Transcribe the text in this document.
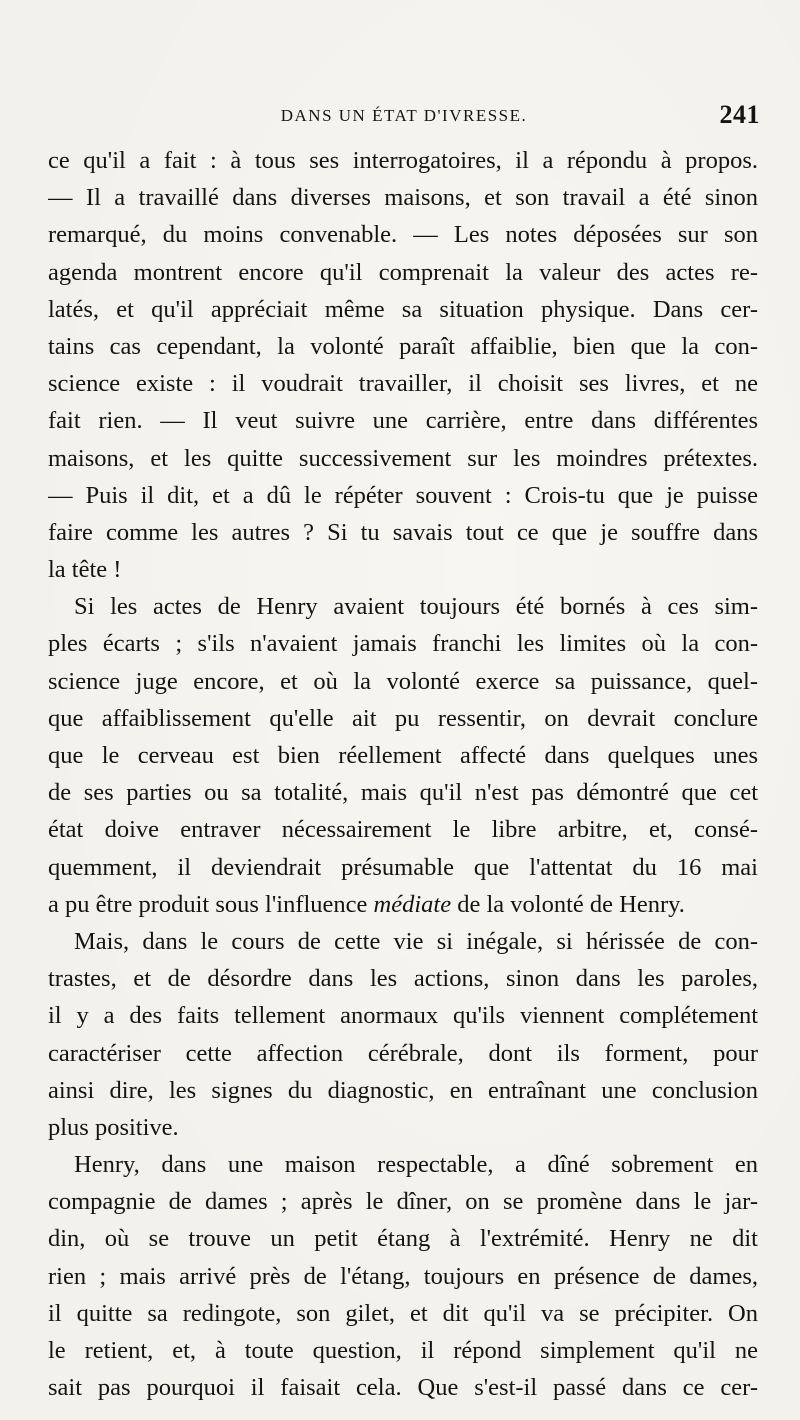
DANS UN ÉTAT D'IVRESSE.	241
ce qu'il a fait : à tous ses interrogatoires, il a répondu à propos.
— Il a travaillé dans diverses maisons, et son travail a été sinon
remarqué, du moins convenable. — Les notes déposées sur son
agenda montrent encore qu'il comprenait la valeur des actes re-
latés, et qu'il appréciait même sa situation physique. Dans cer-
tains cas cependant, la volonté paraît affaiblie, bien que la con-
science existe : il voudrait travailler, il choisit ses livres, et ne
fait rien. — Il veut suivre une carrière, entre dans différentes
maisons, et les quitte successivement sur les moindres prétextes.
— Puis il dit, et a dû le répéter souvent : Crois-tu que je puisse
faire comme les autres ? Si tu savais tout ce que je souffre dans
la tête !
Si les actes de Henry avaient toujours été bornés à ces sim-
ples écarts ; s'ils n'avaient jamais franchi les limites où la con-
science juge encore, et où la volonté exerce sa puissance, quel-
que affaiblissement qu'elle ait pu ressentir, on devrait conclure
que le cerveau est bien réellement affecté dans quelques unes
de ses parties ou sa totalité, mais qu'il n'est pas démontré que cet
état doive entraver nécessairement le libre arbitre, et, consé-
quemment, il deviendrait présumable que l'attentat du 16 mai
a pu être produit sous l'influence médiate de la volonté de Henry.
Mais, dans le cours de cette vie si inégale, si hérissée de con-
trastes, et de désordre dans les actions, sinon dans les paroles,
il y a des faits tellement anormaux qu'ils viennent complétement
caractériser cette affection cérébrale, dont ils forment, pour
ainsi dire, les signes du diagnostic, en entraînant une conclusion
plus positive.
Henry, dans une maison respectable, a dîné sobrement en
compagnie de dames ; après le dîner, on se promène dans le jar-
din, où se trouve un petit étang à l'extrémité. Henry ne dit
rien ; mais arrivé près de l'étang, toujours en présence de dames,
il quitte sa redingote, son gilet, et dit qu'il va se précipiter. On
le retient, et, à toute question, il répond simplement qu'il ne
sait pas pourquoi il faisait cela. Que s'est-il passé dans ce cer-
